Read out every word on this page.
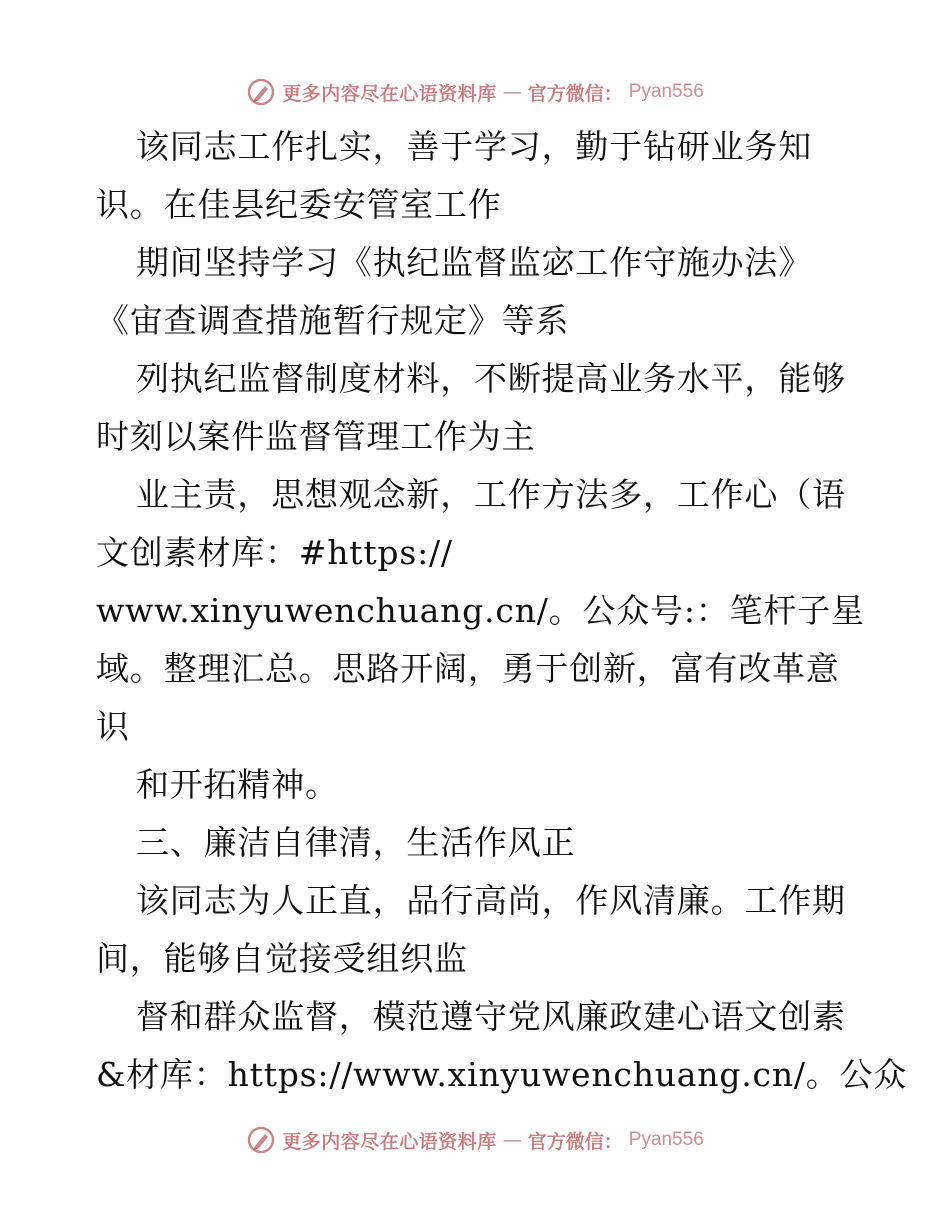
更多内容尽在心语资料库 — 官方微信： Pyan556
该同志工作扎实，善于学习，勤于钻研业务知
识。在佳县纪委安管室工作
期间坚持学习《执纪监督监宓工作守施办法》
《宙查调查措施暂行规定》等系
列执纪监督制度材料，不断提高业务水平，能够
时刻以案件监督管理工作为主
业主责，思想观念新，工作方法多，工作心（语
文创素材库：#https://
www.xinyuwenchuang.cn/。公众号:：笔杆子星
域。整理汇总。思路开阔，勇于创新，富有改革意
识
和开拓精神。
三、廉洁自律清，生活作风正
该同志为人正直，品行高尚，作风清廉。工作期
间，能够自觉接受组织监
督和群众监督，模范遵守党风廉政建心语文创素
&材库：https://www.xinyuwenchuang.cn/。公众
更多内容尽在心语资料库 — 官方微信： Pyan556
